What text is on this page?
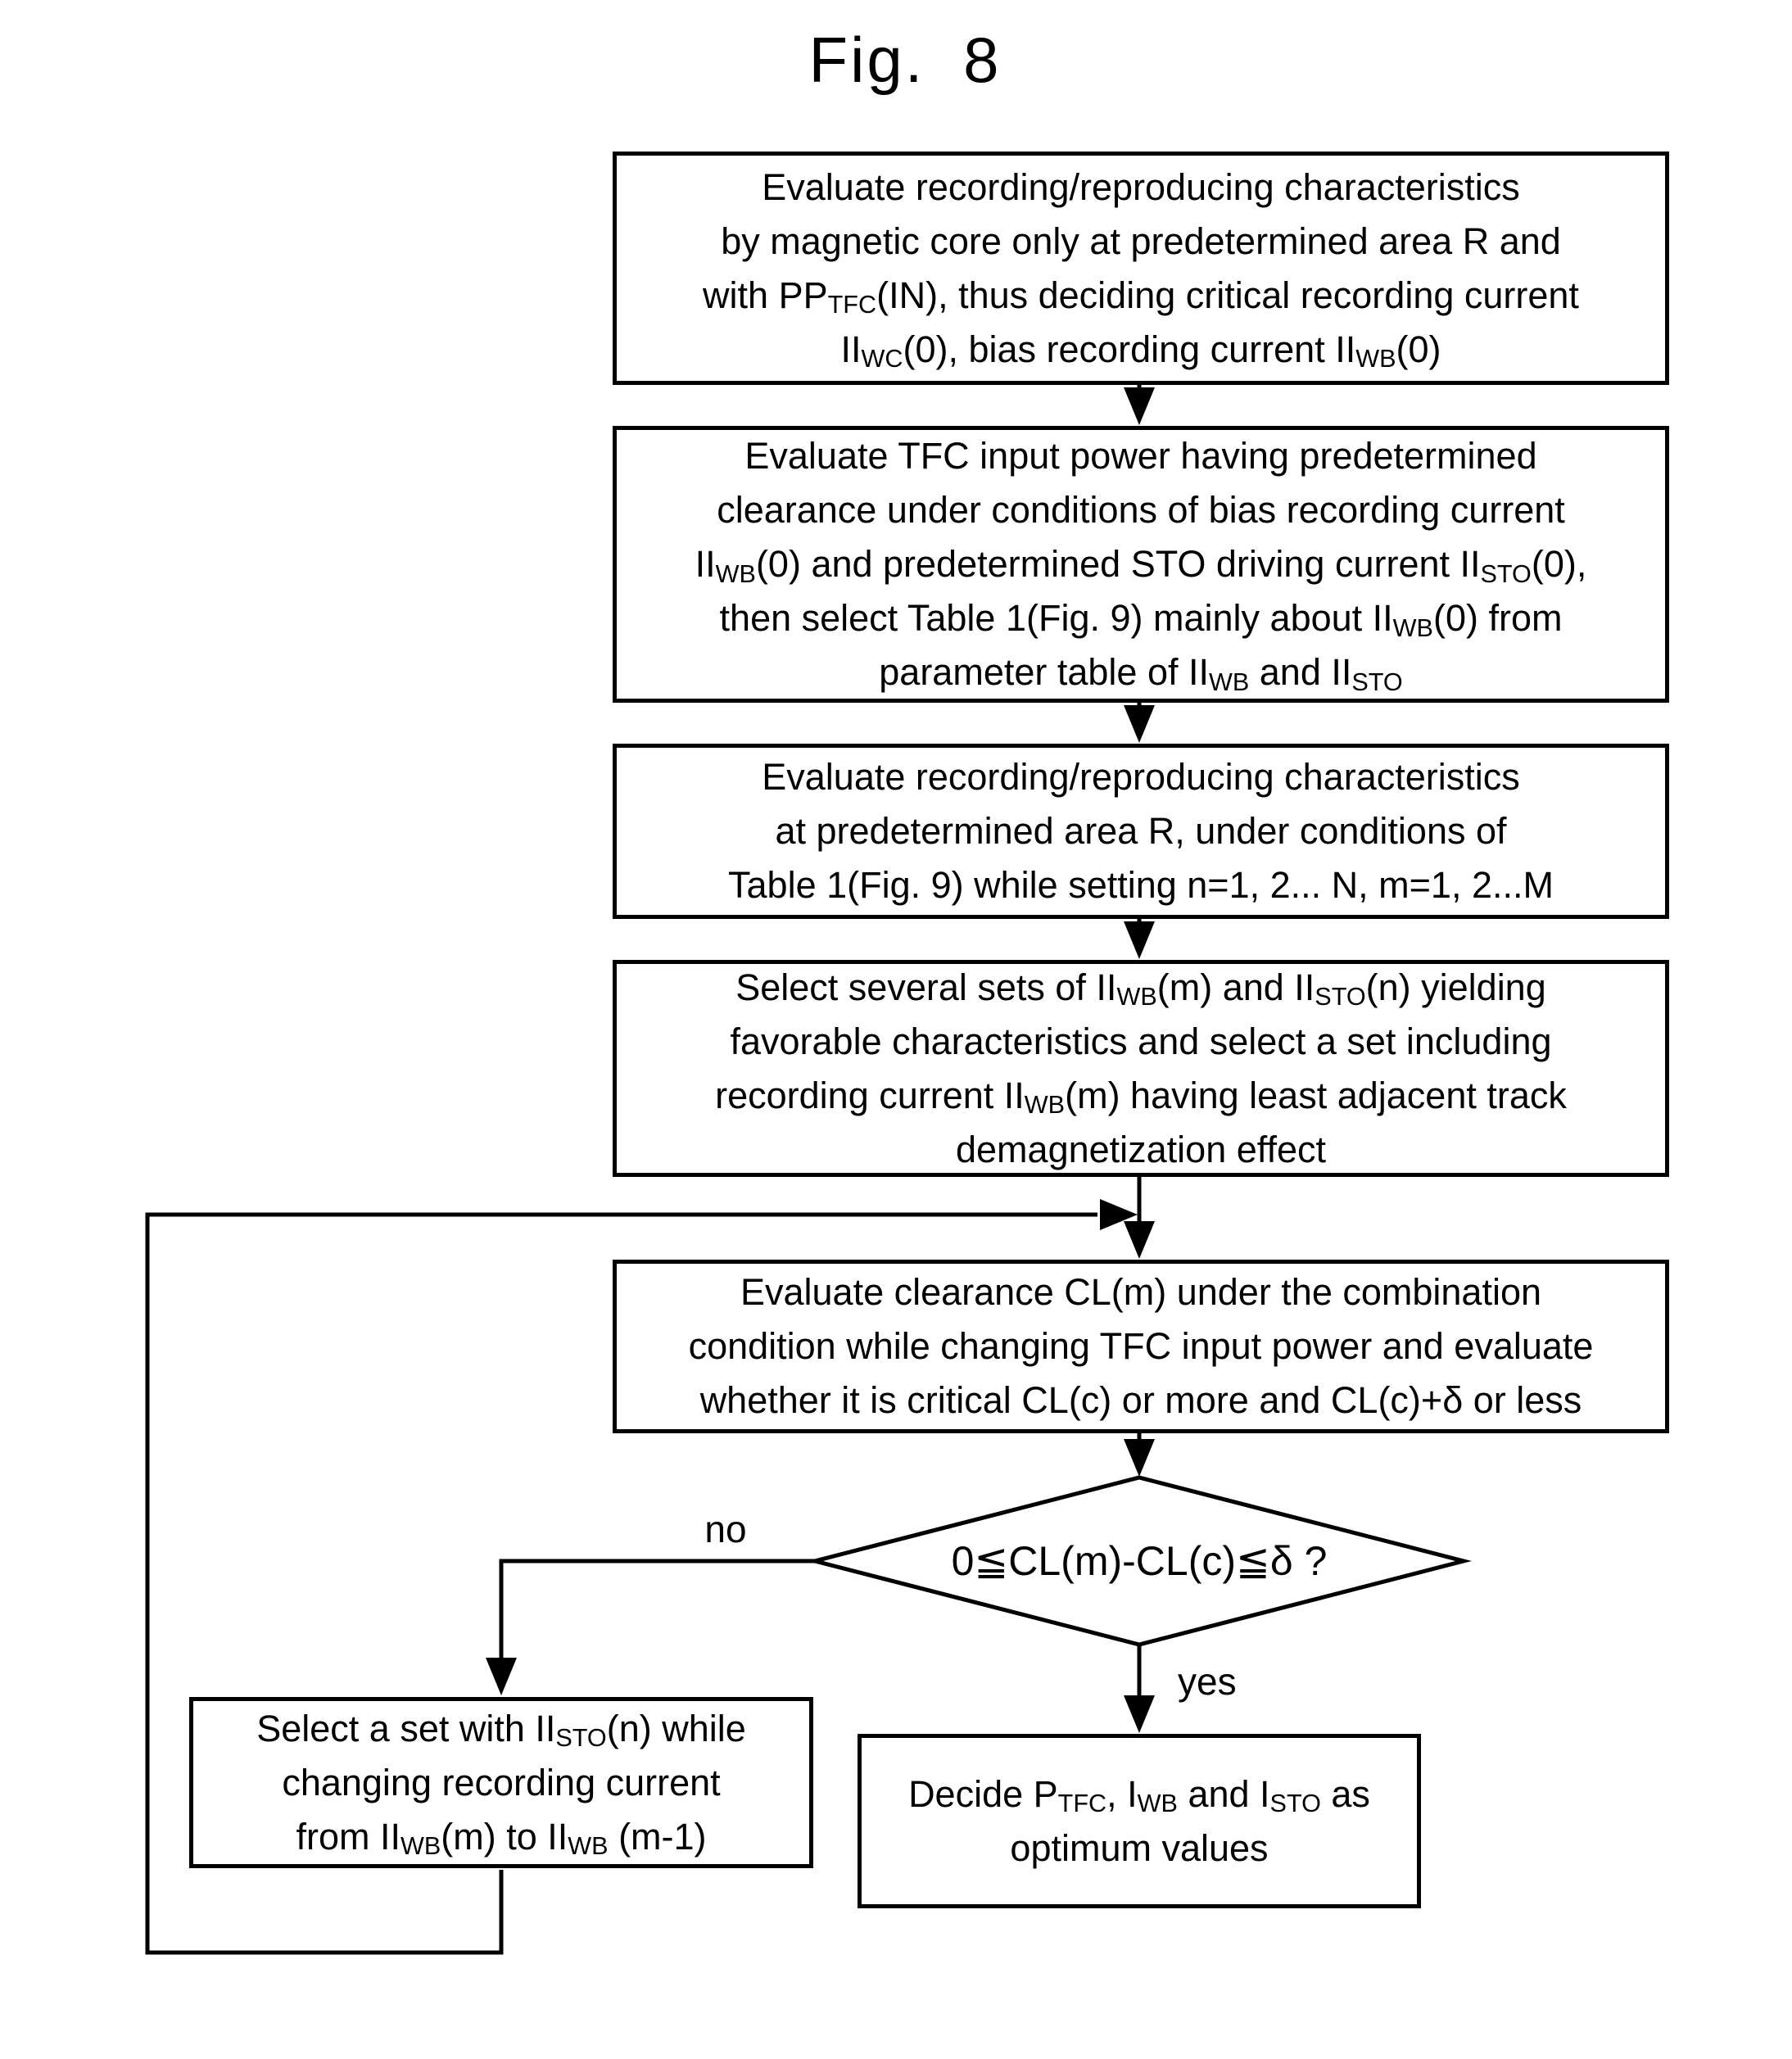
Fig. 8
Evaluate recording/reproducing characteristics
by magnetic core only at predetermined area R and
with $PP_{TFC}(IN)$, thus deciding critical recording current
$II_{WC}(0)$, bias recording current $II_{WB}(0)$
Evaluate TFC input power having predetermined
clearance under conditions of bias recording current
$II_{WB}(0)$ and predetermined STO driving current $II_{STO}(0)$,
then select Table 1(Fig. 9) mainly about $II_{WB}(0)$ from
parameter table of $II_{WB}$ and $II_{STO}$
Evaluate recording/reproducing characteristics
at predetermined area R, under conditions of
Table 1(Fig. 9) while setting n=1, 2... N, m=1, 2...M
Select several sets of $II_{WB}(m)$ and $II_{STO}(n)$ yielding
favorable characteristics and select a set including
recording current $II_{WB}(m)$ having least adjacent track
demagnetization effect
Evaluate clearance CL(m) under the combination
condition while changing TFC input power and evaluate
whether it is critical CL(c) or more and CL(c)+δ or less
0≦CL(m)-CL(c)≦δ ?
no
yes
Select a set with $II_{STO}(n)$ while
changing recording current
from $II_{WB}(m)$ to $II_{WB}$ (m-1)
Decide $P_{TFC}$, $I_{WB}$ and $I_{STO}$ as
optimum values
